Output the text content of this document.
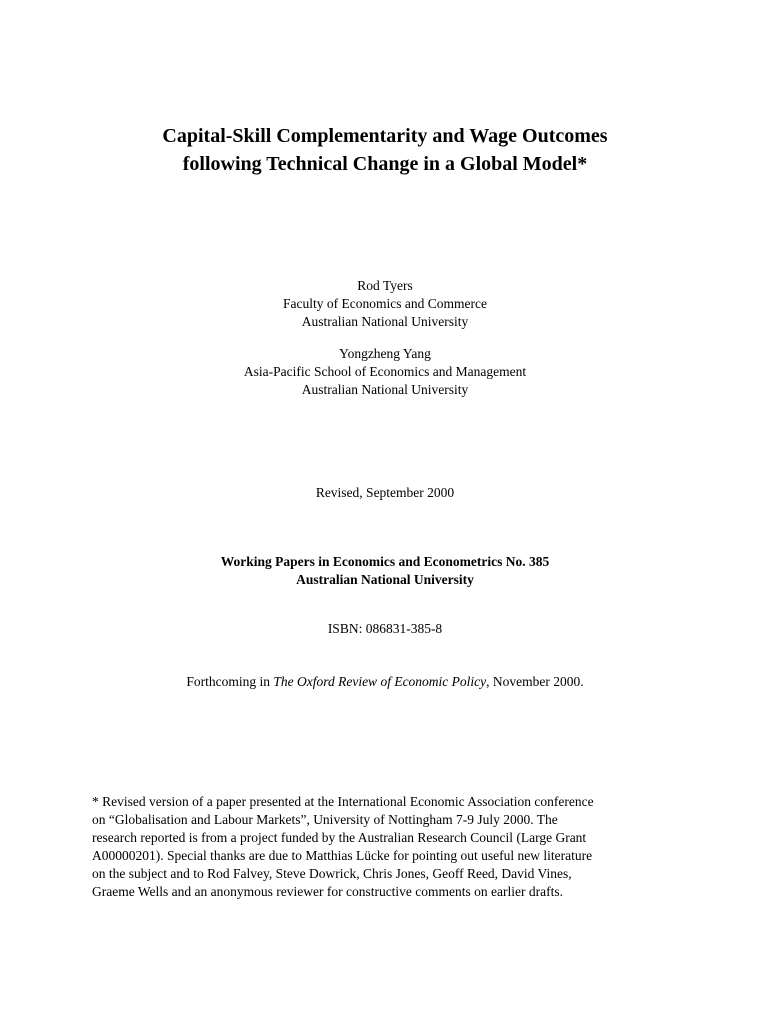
Capital-Skill Complementarity and Wage Outcomes
following Technical Change in a Global Model*
Rod Tyers
Faculty of Economics and Commerce
Australian National University
Yongzheng Yang
Asia-Pacific School of Economics and Management
Australian National University
Revised, September 2000
Working Papers in Economics and Econometrics No. 385
Australian National University
ISBN: 086831-385-8
Forthcoming in The Oxford Review of Economic Policy, November 2000.
* Revised version of a paper presented at the International Economic Association conference
on “Globalisation and Labour Markets”, University of Nottingham 7-9 July 2000. The
research reported is from a project funded by the Australian Research Council (Large Grant
A00000201). Special thanks are due to Matthias Lücke for pointing out useful new literature
on the subject and to Rod Falvey, Steve Dowrick, Chris Jones, Geoff Reed, David Vines,
Graeme Wells and an anonymous reviewer for constructive comments on earlier drafts.
